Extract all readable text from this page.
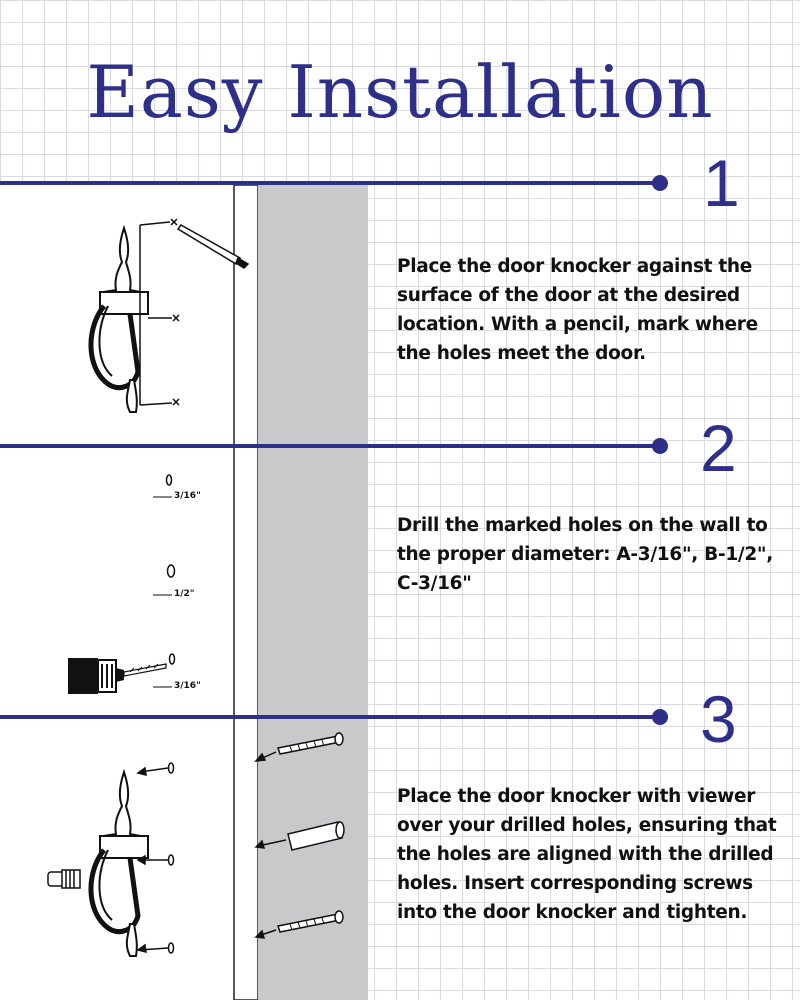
Easy Installation
1
2
3
Place the door knocker against the surface of the door at the desired location. With a pencil, mark where the holes meet the door.
Drill the marked holes on the wall to the proper diameter: A-3/16", B-1/2", C-3/16"
Place the door knocker with viewer over your drilled holes, ensuring that the holes are aligned with the drilled holes. Insert corresponding screws into the door knocker and tighten.
3/16"
1/2"
3/16"
